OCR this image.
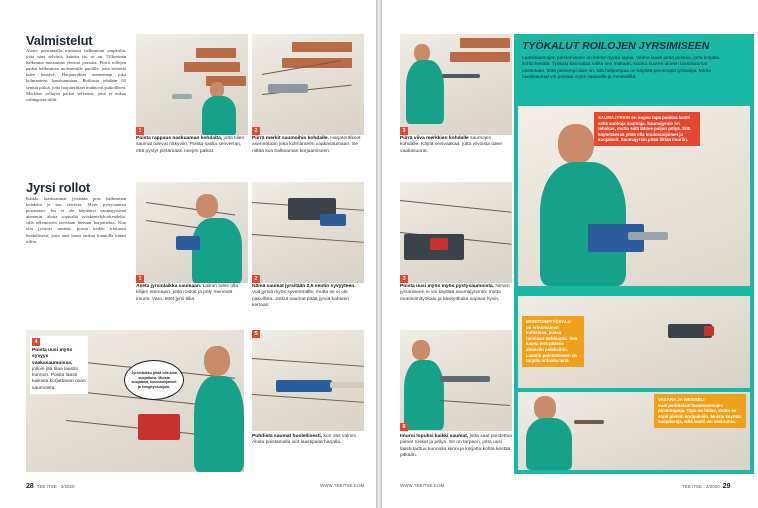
Valmistelut
Aloita poistamalla irtolaasti halkeaman ympäriltä, jotta näet selvästi, kuinka iso se on. Tilliseinän halkeama muistuttaa yleensä portaita. Piirrä rollojen paikat halkeaman molemmille puolille, jotta seinästä tulee kestävä. Harjateräkset asennetaan joka kolmanteen laastisaumaan. Roiloista tehdään 65 senttiä pitkiä, jotta harjateräkset mahtuvat paikoilleen. Merkitse rollojen paikat selkeästi, jotta et aukaa vahingossa tiiliä.
Jyrsi rollot
Kaikki laastisaumat jyrsitään pois halkeaman kohdalta ja sen vierestä. Myös pystysaumat poistetaan. Jos et ole käyttänyt saumajyrsintä aiemmin, aloita sopivalta työskentelykorkeudelta, sillä tekemiseen tarvitaan hieman harjoittelua. Kun olet jyrsinyt saumat, poista kaikki irtolaasti huolellisesti, jotta uusi laasti tarttuu kunnolla kiinni tiiliin.
1
Poista rappaus naskuaman kohdalta, jotta tiilen saumat tulevat näkyviin. Poista saslia senverran, että pystyt piirtämään roiejen paikat.
2
Piirrä merkit saumoihin kohdalle. Harjaterälkset asennetaan joka kolmanteen vaakasaumaan. Se riittää kun halkeaman korjaamiseen.
1
Aseta jyrsinlaikka saumaan. Laikun tulee olla tiilijen etereapin, jotta roskat ja pöly menevät imurin. Varo, ettet jyrsi tiiliä.
2
Nämä saumat jyrsitään 2,5 sentin syvyyteen. Voit jyrsiä myös syvemmälle, mutta se ei ole pakollista. Jotkut saumat pitää jyrsiä kahteen kertaan.
4
Poista uusi myös syvyys vaakasaumoissa, jolloin jää tilaa laastin kunnon. Poista laasti kaikista korjattavan osan saumoista.
Jyrsinlaikku pitää olla aina suojattuna. Muista suojalasit, kuulosuojaimet ja hengityssuojain.
5
Puhdista saumat huolellisesti, kun olet valmis. Aloita poistamalla isot laastipalat harjalla.
28 TEE ITSE · 2/2020	WWW.TEEITSE.COM
3
Piirrä viiva merkkien kohdalle saumojen kohdalle. Käytä vesivaakaa, jotta viivoista tulee vaakasuorat.
3
Poista uusi myös myös pystysaumoista. Nimen jyrsimiseen ei voi käyttää saumajyrsintä, mutta monitoimityökalu ja käsityökalut sopivat hyvin.
6
Imuroi lopuksi kaikki saumat, jotta saat poistettua pienet roskat ja pölyn. Se on tarpeen, jotta uusi laasti tarttuu kunnolla kiinni ja korjattu kohta kestää pitkään.
TYÖKALUT ROILOJEN JYRSIMISEEN
Laastisaumojen poistamiseen on kolme hyvää tapaa. Vanha laasti pitää poistaa, jotta korjattu kohta kestää. Työkalu kannattaa valita sen mukaan, kuinka suuren alueen laastisaumat poistetaan. Mitä pienempi alue on, sitä helpompaa on käyttää pienempiä työkaluja. Mutta laastisaumat voi poistaa myös vasaralla ja meisselillä.
SAUMAJYRSIN on nopea tapa poistaa laasti sekä vanhoja saumoja. Saumajyrsin on tehokas, mutta siitä lähtee paljon pölyä. Sitä käytettäessä pitää olla kuulosuojaimet ja suojalasit. Saumajyrsin pitää liittää imuriin.
MONITOIMITYÖKALU
on erinomainen kohteissa, joissa tarvitaan tarkkuutta. Sen kapea terä pääsee ahtaisiin paikkoihin. Laastin poistamiseen on tarjolla erilaisia teriä.
VASARA JA MEISSELI
ovat perinteisiä laastisaumojen poistotapoja. Tapa on hidas, mutta se sopii pieniin korjauksiin. Muista käyttää suojalaseja, sillä laasti voi sinkoutua.
WWW.TEEITSE.COM	TEE ITSE · 2/2020 29
